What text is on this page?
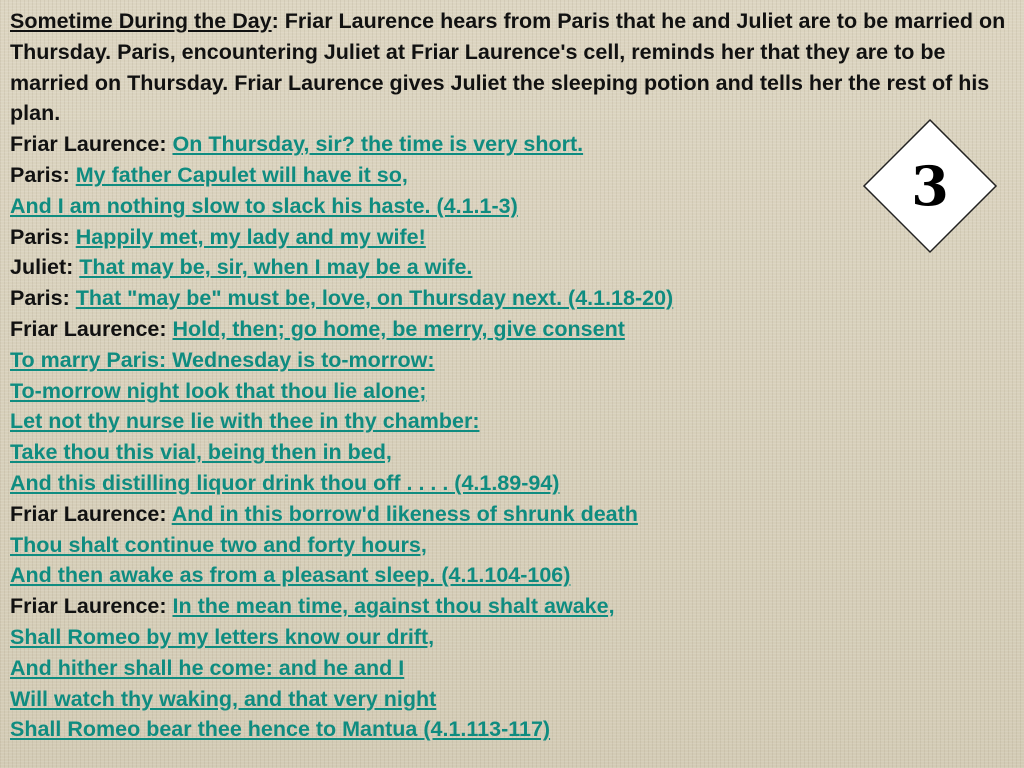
Sometime During the Day: Friar Laurence hears from Paris that he and Juliet are to be married on Thursday. Paris, encountering Juliet at Friar Laurence's cell, reminds her that they are to be married on Thursday. Friar Laurence gives Juliet the sleeping potion and tells her the rest of his plan.

Friar Laurence: On Thursday, sir? the time is very short.

Paris: My father Capulet will have it so,

And I am nothing slow to slack his haste. (4.1.1-3)

Paris: Happily met, my lady and my wife!

Juliet: That may be, sir, when I may be a wife.

Paris: That "may be" must be, love, on Thursday next. (4.1.18-20)

Friar Laurence: Hold, then; go home, be merry, give consent

To marry Paris: Wednesday is to-morrow:

To-morrow night look that thou lie alone;

Let not thy nurse lie with thee in thy chamber:

Take thou this vial, being then in bed,

And this distilling liquor drink thou off . . . . (4.1.89-94)

Friar Laurence: And in this borrow'd likeness of shrunk death

Thou shalt continue two and forty hours,

And then awake as from a pleasant sleep. (4.1.104-106)

Friar Laurence: In the mean time, against thou shalt awake,

Shall Romeo by my letters know our drift,

And hither shall he come: and he and I

Will watch thy waking, and that very night

Shall Romeo bear thee hence to Mantua (4.1.113-117)

3
